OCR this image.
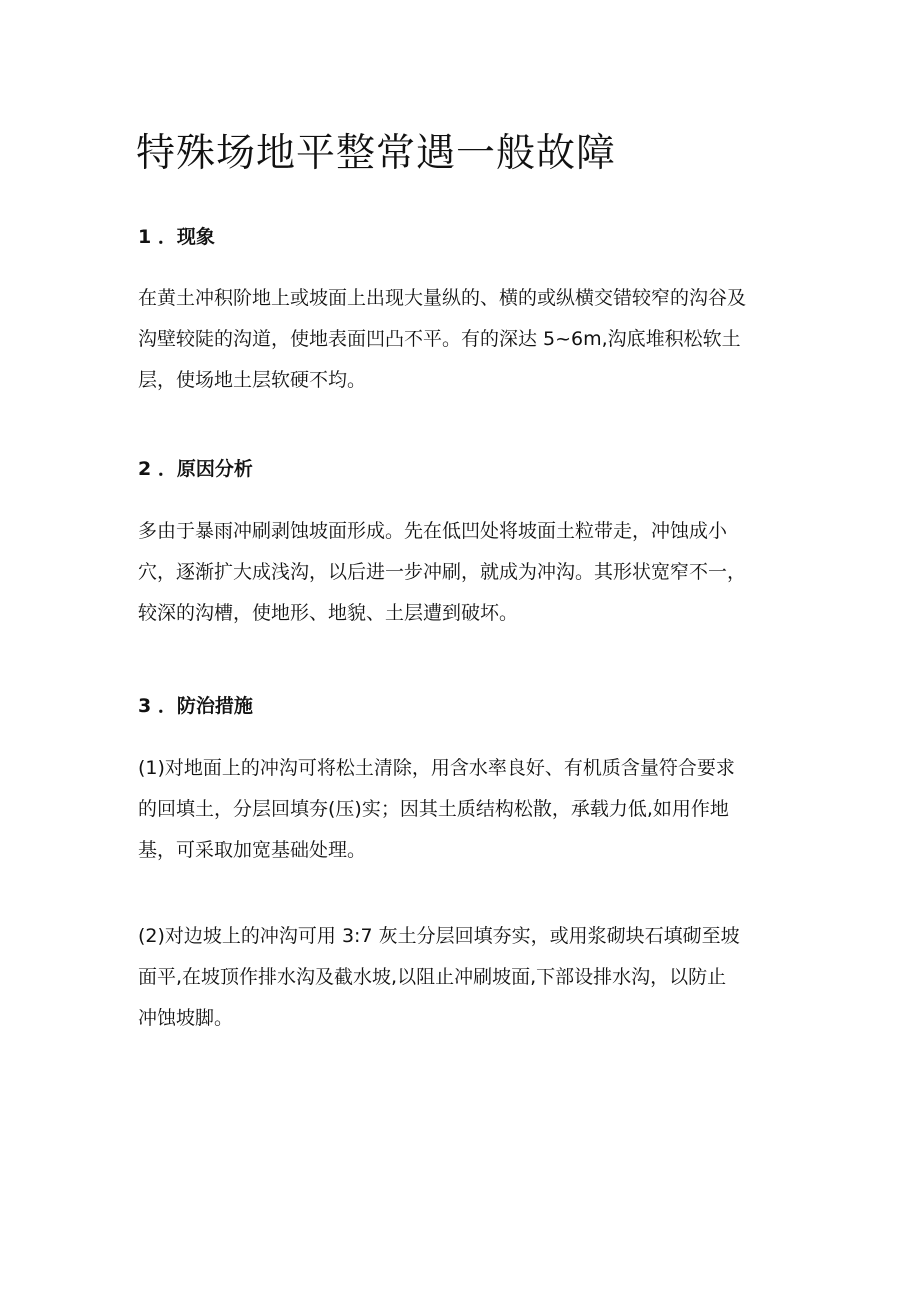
特殊场地平整常遇一般故障
1 ．现象

在黄土冲积阶地上或坡面上出现大量纵的、横的或纵横交错较窄的沟谷及
沟壁较陡的沟道，使地表面凹凸不平。有的深达 5~6m,沟底堆积松软土
层，使场地土层软硬不均。

2 ．原因分析

多由于暴雨冲刷剥蚀坡面形成。先在低凹处将坡面土粒带走，冲蚀成小
穴，逐渐扩大成浅沟，以后进一步冲刷，就成为冲沟。其形状宽窄不一，
较深的沟槽，使地形、地貌、土层遭到破坏。

3 ．防治措施

(1)对地面上的冲沟可将松土清除，用含水率良好、有机质含量符合要求
的回填土，分层回填夯(压)实；因其土质结构松散，承载力低,如用作地
基，可采取加宽基础处理。

(2)对边坡上的冲沟可用 3:7 灰土分层回填夯实，或用浆砌块石填砌至坡
面平,在坡顶作排水沟及截水坡,以阻止冲刷坡面,下部设排水沟，以防止
冲蚀坡脚。
